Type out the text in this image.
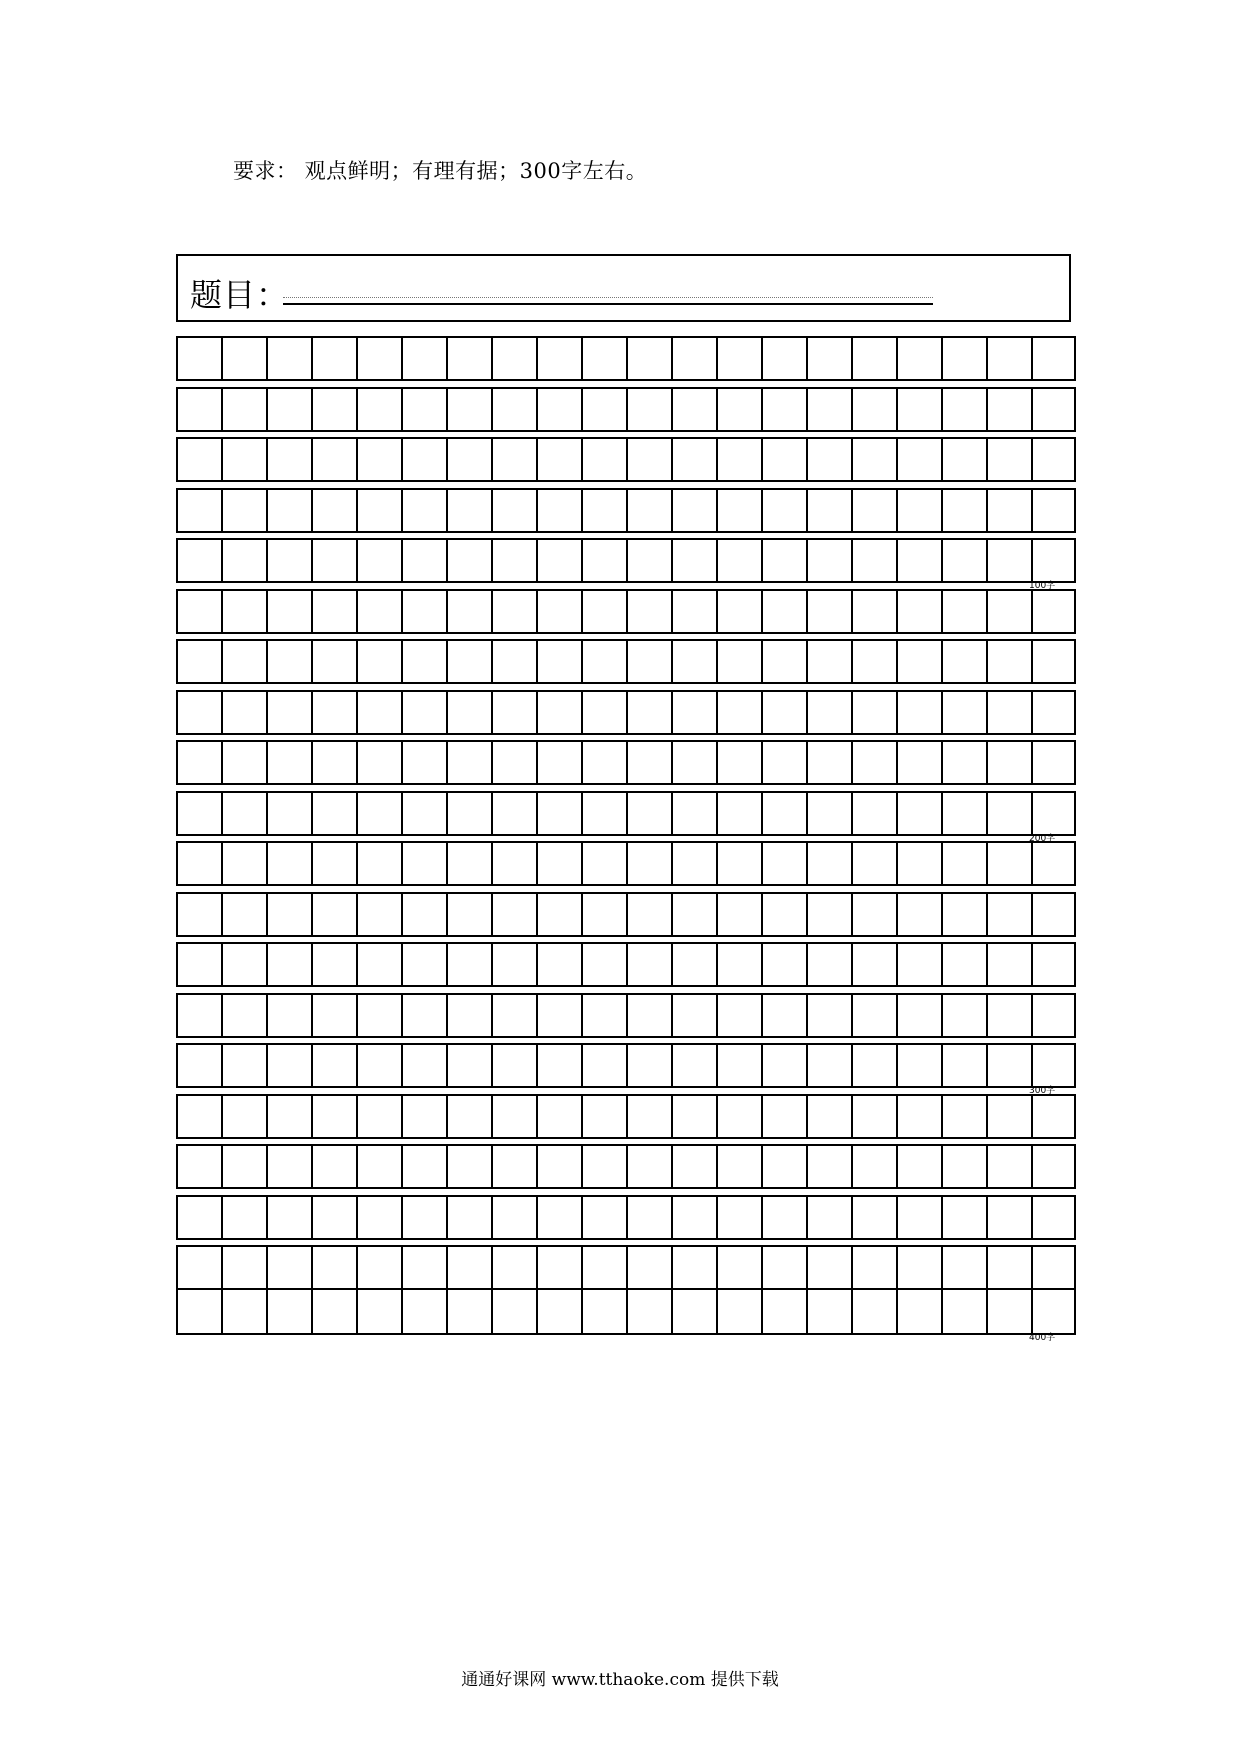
要求： 观点鲜明；有理有据；300字左右。
题目：
100字
200字
300字
400字
通通好课网 www.tthaoke.com 提供下载
